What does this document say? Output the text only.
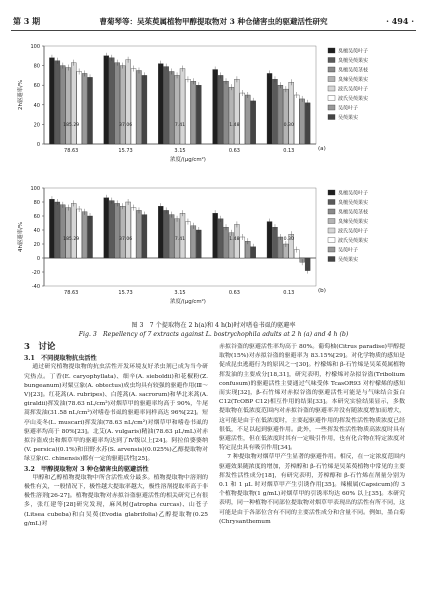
第 3 期	曹菊琴等：吴茱萸属植物甲醇提取物对 3 种仓储害虫的驱避活性研究	· 494 ·
0
20
40
60
80
100
2h驱避率/%
78.63
185.29
15.73
37.06
3.15
7.41
0.63
1.48
0.13
0.30
浓度/(μg/cm²)
(a)
臭檀吴萸叶子
臭檀吴萸果实
臭檀吴萸茎枝
臭辣吴萸果实
波氏吴萸叶子
波氏吴萸果实
吴萸叶子
吴萸果实
-40
-20
0
20
40
60
80
100
4h驱避率/%
78.63
185.29
15.73
37.06
3.15
7.41
0.63
1.48
0.13
0.30
浓度/(μg/cm²)
(b)
臭檀吴萸叶子
臭檀吴萸果实
臭檀吴萸茎枝
臭辣吴萸果实
波氏吴萸叶子
波氏吴萸果实
吴萸叶子
吴萸果实
图 3　7 个提取物在 2 h(a)和 4 h(b)时对嗜卷书虱的驱避率
Fig. 3　Repellency of 7 extracts against L. bostrychophila adults at 2 h (a) and 4 h (b)
3　讨论
3.1　不同提取物抗虫活性

通过研究植物提取物的抗虫活性开发环境友好杀虫剂已成为当今研究热点。丁香(E. caryophyllata)、细辛(A. sieboldii)和花椒粉(Z. bungeanum)对粟豆象(A. obtectus)成虫均具有较强的驱避作用(Ⅲ～Ⅴ)[23]。红花蒿(A. rubripes)、白莲蒿(A. sacrorum)和华北米蒿(A. giraldii)挥发油(78.63 nL/cm²)对烟草甲的驱避率均高于 90%，牛尾蒿挥发油(31.58 nL/cm²)对嗜卷书虱的驱避率同样高达 96%[22]。短亭山麦冬(L. muscari)挥发油(78.63 nL/cm²)对烟草甲和嗜卷书虱的驱避率均高于 80%[23]。北艾(A. vulgaris)精油(78.63 μL/mL)对赤拟谷盗成虫和烟草甲的驱避率均达到了Ⅳ级以上[24]。阿拉伯婆婆纳(V. persica)(0.1%)和田野水苏(S. arvensis)(0.025%)乙醇提取物对绿豆象(C. chinensis)都有一定的驱避活性[25]。

3.2　甲醇提取物对 3 种仓储害虫的驱避活性

甲醇和乙醇植物提取物中所含活性成分最多。植物提取物中溶剂的极性有关，一般情况下，极性越大提取率越大，极性溶剂提取率高于非极性溶剂[26-27]。植物提取物对赤拟谷盗驱避活性的相关研究已有很多，张红建等[28]研究发现，麻风树(Jatropha curcas)、山苍子(Litsea cubeba)和白吴萸(Evodia glabrifolia)乙醇提取物(0.25 g/mL)对

赤拟谷盗的驱避活性率均高于 80%。葡萄柚(Citrus paradise)甲醇提取物(15%)对赤拟谷盗的驱避率为 83.15%[29]。对化学物质的感知是促成昆虫逃避行为的原因之一[30]。柠檬烯和 β-石竹烯是吴茱萸属植物挥发油的主要成分[18,31]，研究表明，柠檬烯对杂拟谷盗(Tribolium confusum)的驱避活性主要通过气味受体 TcasOR93 对柠檬烯的感知而实现[32]，β-石竹烯对赤拟谷盗的驱避活性可能是与气味结合蛋白 C12(TcOBP C12)相互作用的结果[33]。本研究实验结果显示，多数提取物在低浓度范围内对赤拟谷盗的驱避率并没有随浓度增加而增大，这可能是由于在低浓度时，主要起驱避作用的挥发性活性物质浓度已经很低，不足以起到驱避作用。此外，一些挥发性活性物质高浓度时具有驱避活性，但在低浓度时其有一定吸引作用，也有化合物在特定浓度对特定昆虫具有吸引作用[34]。

7 种提取物对烟草甲产生显著的驱避作用。相反，在一定浓度范围内驱避效果随浓度的增加，芳樟醇和 β-石竹烯是吴茱萸植物中常见的主要挥发性活性成分[18]，有研究表明，芳樟醇和 β-石竹烯在剂量分别为 0.1 和 1 μL 时对烟草甲产生引诱作用[35]。辣椒属(Capsicum)的 3 个植物提取物(1 g/mL)对烟草甲的引诱率均达 60% 以上[35]。本研究表明，同一种植物不同部位提取物对烟草甲表现出的活性有所不同，这可能是由于各部位含有不同的主要活性成分和含量不同。例如，墨白菊(Chrysanthemum
